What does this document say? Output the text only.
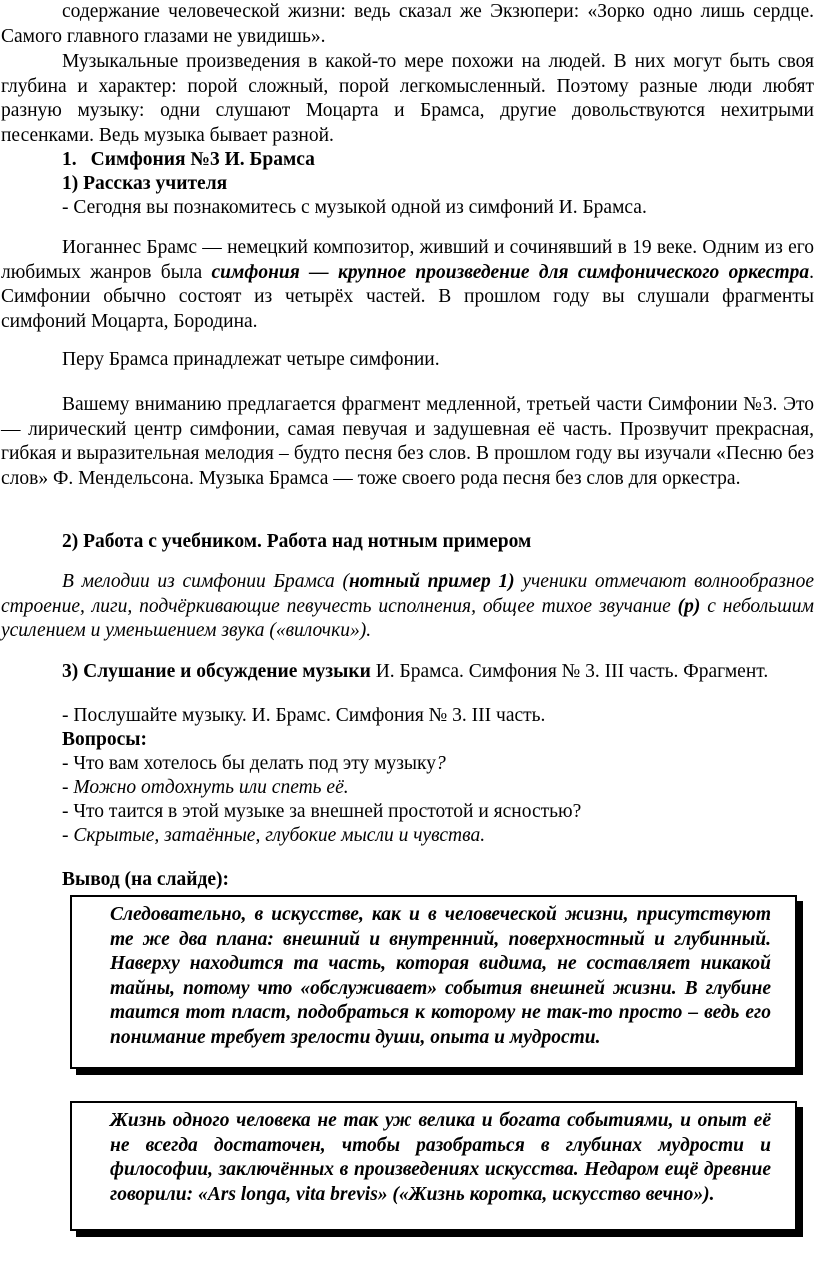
содержание человеческой жизни: ведь сказал же Экзюпери: «Зорко одно лишь сердце. Самого главного глазами не увидишь».

Музыкальные произведения в какой-то мере похожи на людей. В них могут быть своя глубина и характер: порой сложный, порой легкомысленный. Поэтому разные люди любят разную музыку: одни слушают Моцарта и Брамса, другие довольствуются нехитрыми песенками. Ведь музыка бывает разной.

1. Симфония №3 И. Брамса

1) Рассказ учителя

- Сегодня вы познакомитесь с музыкой одной из симфоний И. Брамса.

Иоганнес Брамс — немецкий композитор, живший и сочинявший в 19 веке. Одним из его любимых жанров была симфония — крупное произведение для симфонического оркестра. Симфонии обычно состоят из четырёх частей. В прошлом году вы слушали фрагменты симфоний Моцарта, Бородина.

Перу Брамса принадлежат четыре симфонии.

Вашему вниманию предлагается фрагмент медленной, третьей части Симфонии №3. Это — лирический центр симфонии, самая певучая и задушевная её часть. Прозвучит прекрасная, гибкая и выразительная мелодия – будто песня без слов. В прошлом году вы изучали «Песню без слов» Ф. Мендельсона. Музыка Брамса — тоже своего рода песня без слов для оркестра.

2) Работа с учебником. Работа над нотным примером

В мелодии из симфонии Брамса (нотный пример 1) ученики отмечают волнообразное строение, лиги, подчёркивающие певучесть исполнения, общее тихое звучание (р) с небольшим усилением и уменьшением звука («вилочки»).

3) Слушание и обсуждение музыки И. Брамса. Симфония № 3. III часть. Фрагмент.

- Послушайте музыку. И. Брамс. Симфония № 3. III часть.

Вопросы:

- Что вам хотелось бы делать под эту музыку?

- Можно отдохнуть или спеть её.

- Что таится в этой музыке за внешней простотой и ясностью?

- Скрытые, затаённые, глубокие мысли и чувства.

Вывод (на слайде):

Следовательно, в искусстве, как и в человеческой жизни, присутствуют те же два плана: внешний и внутренний, поверхностный и глубинный. Наверху находится та часть, которая видима, не составляет никакой тайны, потому что «обслуживает» события внешней жизни. В глубине таится тот пласт, подобраться к которому не так-то просто – ведь его понимание требует зрелости души, опыта и мудрости.

Жизнь одного человека не так уж велика и богата событиями, и опыт её не всегда достаточен, чтобы разобраться в глубинах мудрости и философии, заключённых в произведениях искусства. Недаром ещё древние говорили: «Ars longa, vita brevis» («Жизнь коротка, искусство вечно»).
